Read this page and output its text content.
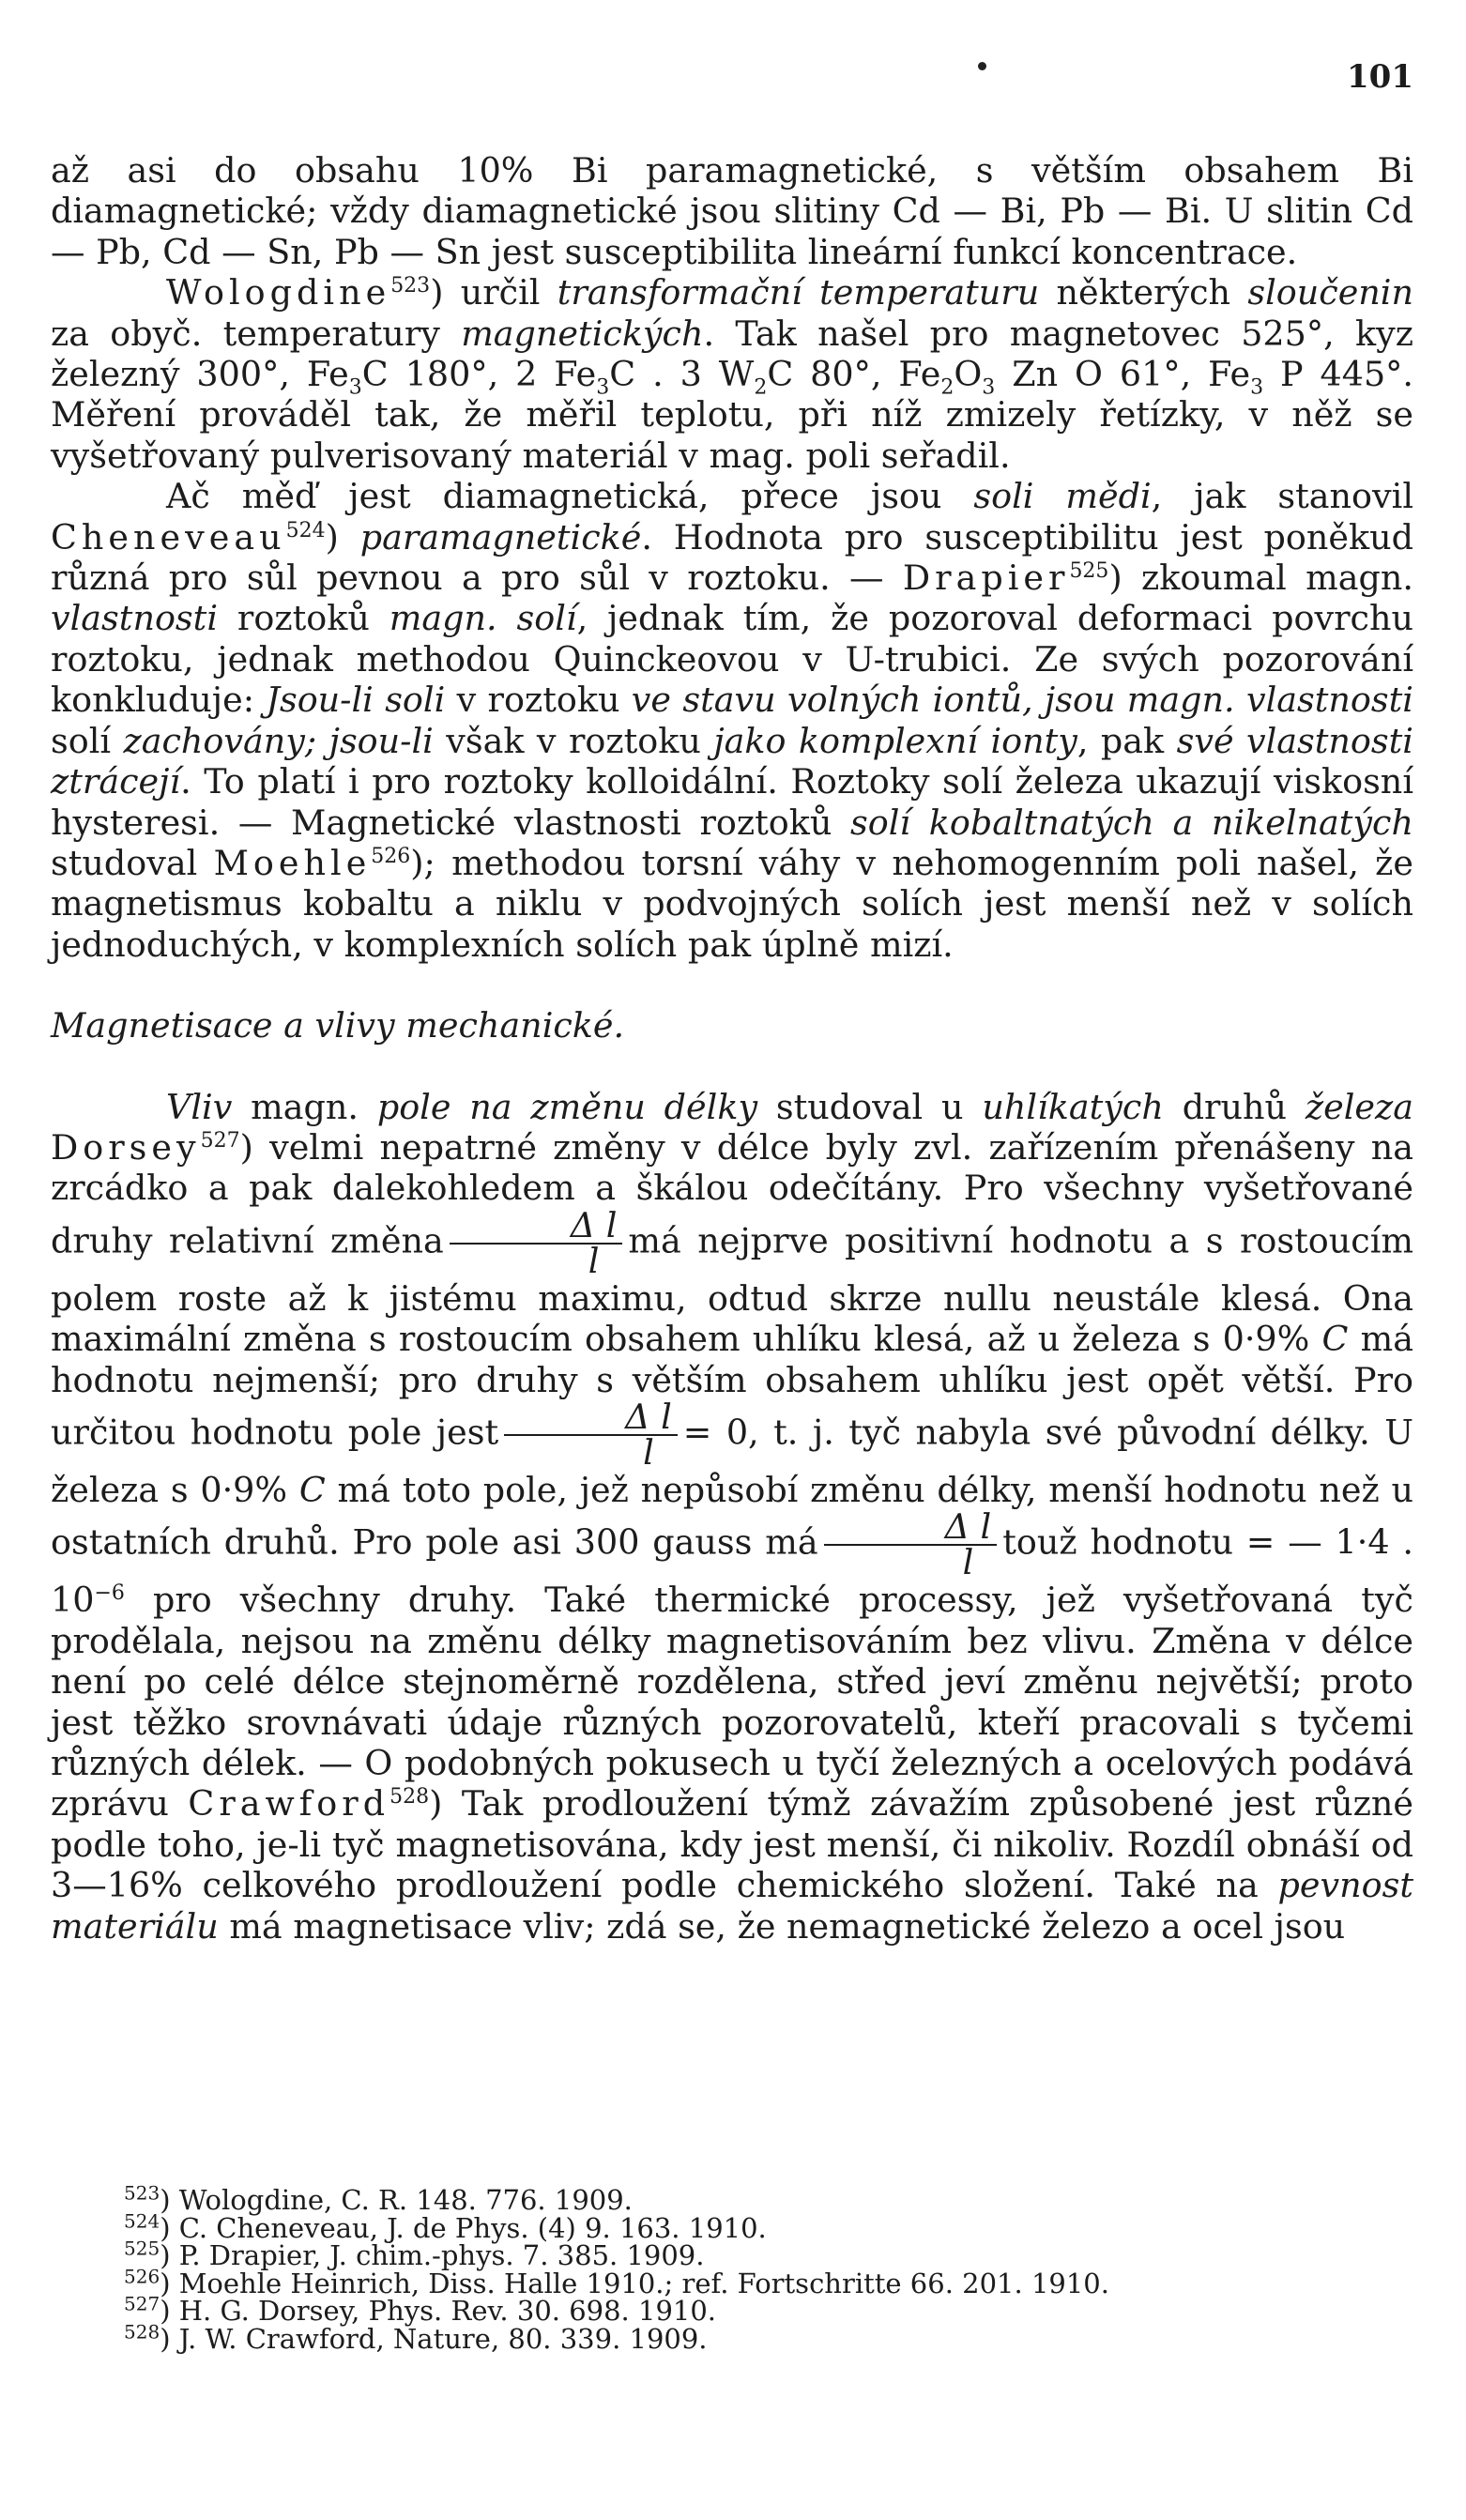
101

až asi do obsahu 10% Bi paramagnetické, s větším obsahem Bi diamagnetické; vždy diamagnetické jsou slitiny Cd — Bi, Pb — Bi. U slitin Cd — Pb, Cd — Sn, Pb — Sn jest susceptibilita lineární funkcí koncentrace.

Wologdine$^{523}$) určil transformační temperaturu některých sloučenin za obyč. temperatury magnetických. Tak našel pro magnetovec 525°, kyz železný 300°, $Fe_3C$ 180°, 2 $Fe_3C$ . 3 $W_2C$ 80°, $Fe_2O_3$ Zn O 61°, $Fe_3$ P 445°. Měření prováděl tak, že měřil teplotu, při níž zmizely řetízky, v něž se vyšetřovaný pulverisovaný materiál v mag. poli seřadil.

Ač měď jest diamagnetická, přece jsou soli mědi, jak stanovil Cheneveau$^{524}$) paramagnetické. Hodnota pro susceptibilitu jest poněkud různá pro sůl pevnou a pro sůl v roztoku. — Drapier$^{525}$) zkoumal magn. vlastnosti roztoků magn. solí, jednak tím, že pozoroval deformaci povrchu roztoku, jednak methodou Quinckeovou v U-trubici. Ze svých pozorování konkluduje: Jsou-li soli v roztoku ve stavu volných iontů, jsou magn. vlastnosti solí zachovány; jsou-li však v roztoku jako komplexní ionty, pak své vlastnosti ztrácejí. To platí i pro roztoky kolloidální. Roztoky solí železa ukazují viskosní hysteresi. — Magnetické vlastnosti roztoků solí kobaltnatých a nikelnatých studoval Moehle$^{526}$); methodou torsní váhy v nehomogenním poli našel, že magnetismus kobaltu a niklu v podvojných solích jest menší než v solích jednoduchých, v komplexních solích pak úplně mizí.

Magnetisace a vlivy mechanické.

Vliv magn. pole na změnu délky studoval u uhlíkatých druhů železa Dorsey$^{527}$) velmi nepatrné změny v délce byly zvl. zařízením přenášeny na zrcádko a pak dalekohledem a škálou odečítány. Pro všechny vyšetřované druhy relativní změna $\frac{\text{Δ l}}{l}$ má nejprve positivní hodnotu a s rostoucím polem roste až k jistému maximu, odtud skrze nullu neustále klesá. Ona maximální změna s rostoucím obsahem uhlíku klesá, až u železa s 0·9% C má hodnotu nejmenší; pro druhy s větším obsahem uhlíku jest opět větší. Pro určitou hodnotu pole jest $\frac{\text{Δ l}}{l} = 0$, t. j. tyč nabyla své původní délky. U železa s 0·9% C má toto pole, jež nepůsobí změnu délky, menší hodnotu než u ostatních druhů. Pro pole asi 300 gauss má $\frac{\text{Δ l}}{l}$ touž hodnotu = — 1·4 . $10^{-6}$ pro všechny druhy. Také thermické processy, jež vyšetřovaná tyč prodělala, nejsou na změnu délky magnetisováním bez vlivu. Změna v délce není po celé délce stejnoměrně rozdělena, střed jeví změnu největší; proto jest těžko srovnávati údaje různých pozorovatelů, kteří pracovali s tyčemi různých délek. — O podobných pokusech u tyčí železných a ocelových podává zprávu Crawford$^{528}$) Tak prodloužení týmž závažím způsobené jest různé podle toho, je-li tyč magnetisována, kdy jest menší, či nikoliv. Rozdíl obnáší od 3—16% celkového prodloužení podle chemického složení. Také na pevnost materiálu má magnetisace vliv; zdá se, že nemagnetické železo a ocel jsou

$^{523}$) Wologdine, C. R. 148. 776. 1909.
$^{524}$) C. Cheneveau, J. de Phys. (4) 9. 163. 1910.
$^{525}$) P. Drapier, J. chim.-phys. 7. 385. 1909.
$^{526}$) Moehle Heinrich, Diss. Halle 1910.; ref. Fortschritte 66. 201. 1910.
$^{527}$) H. G. Dorsey, Phys. Rev. 30. 698. 1910.
$^{528}$) J. W. Crawford, Nature, 80. 339. 1909.
